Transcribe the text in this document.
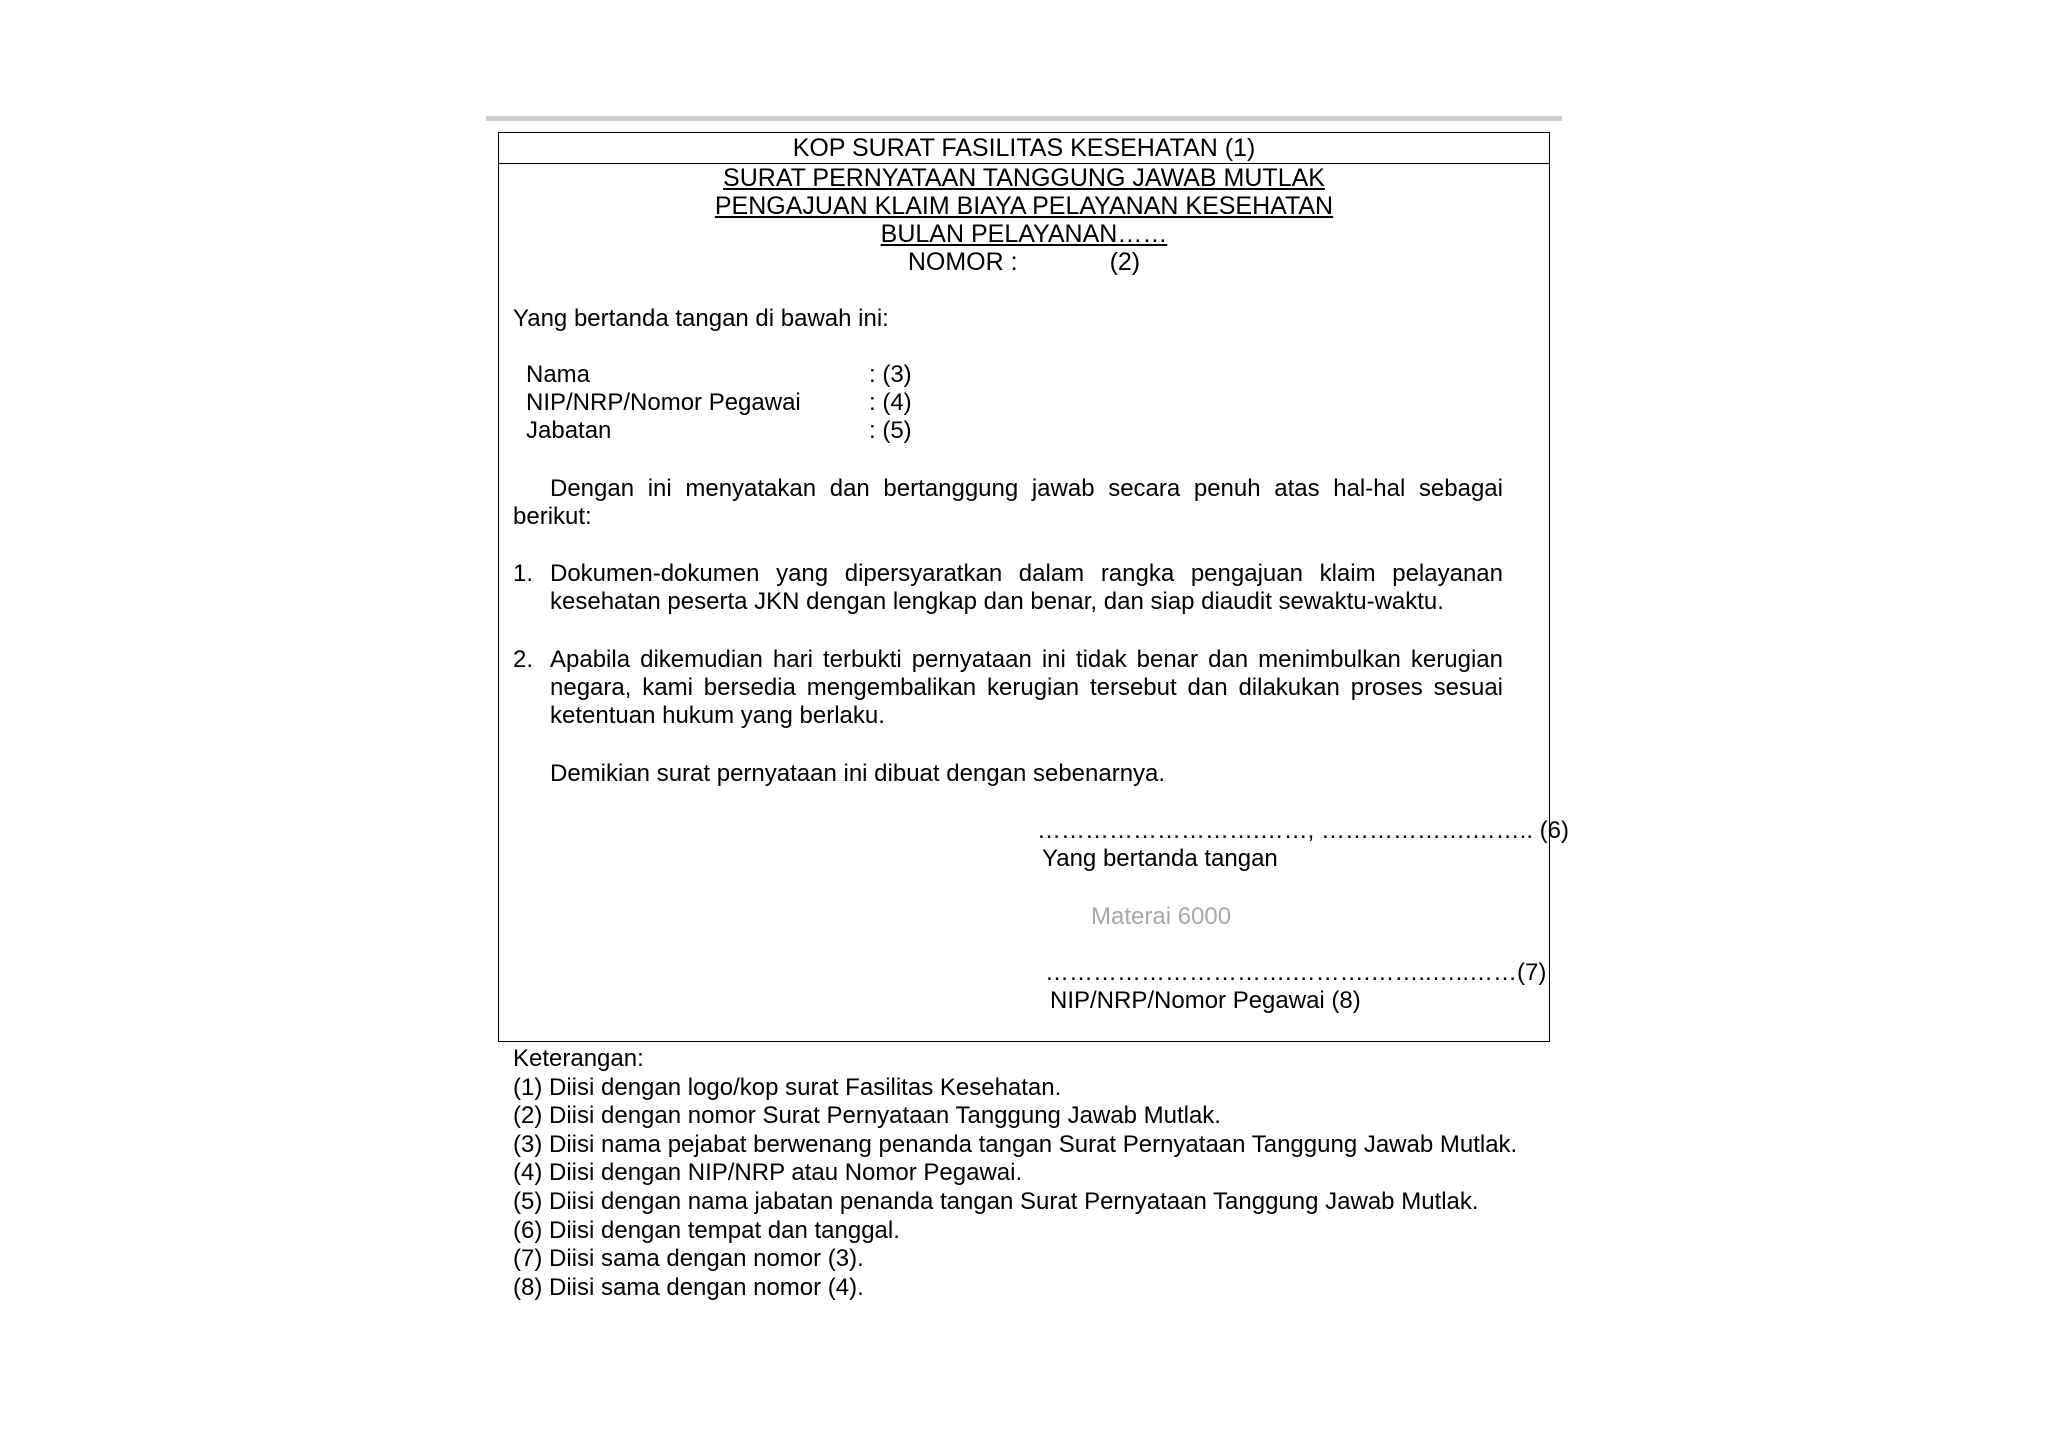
KOP SURAT FASILITAS KESEHATAN (1)
SURAT PERNYATAAN TANGGUNG JAWAB MUTLAK
PENGAJUAN KLAIM BIAYA PELAYANAN KESEHATAN
BULAN PELAYANAN……
NOMOR :	(2)
Yang bertanda tangan di bawah ini:
Nama	: (3)
NIP/NRP/Nomor Pegawai	: (4)
Jabatan	: (5)
Dengan ini menyatakan dan bertanggung jawab secara penuh atas hal-hal sebagai berikut:
1. Dokumen-dokumen yang dipersyaratkan dalam rangka pengajuan klaim pelayanan kesehatan peserta JKN dengan lengkap dan benar, dan siap diaudit sewaktu-waktu.
2. Apabila dikemudian hari terbukti pernyataan ini tidak benar dan menimbulkan kerugian negara, kami bersedia mengembalikan kerugian tersebut dan dilakukan proses sesuai ketentuan hukum yang berlaku.
Demikian surat pernyataan ini dibuat dengan sebenarnya.
……………………….……, ……………….…….. (6)
Yang bertanda tangan
Materai 6000
………………………….……….……..…..……(7)
NIP/NRP/Nomor Pegawai (8)
Keterangan:
(1) Diisi dengan logo/kop surat Fasilitas Kesehatan.
(2) Diisi dengan nomor Surat Pernyataan Tanggung Jawab Mutlak.
(3) Diisi nama pejabat berwenang penanda tangan Surat Pernyataan Tanggung Jawab Mutlak.
(4) Diisi dengan NIP/NRP atau Nomor Pegawai.
(5) Diisi dengan nama jabatan penanda tangan Surat Pernyataan Tanggung Jawab Mutlak.
(6) Diisi dengan tempat dan tanggal.
(7) Diisi sama dengan nomor (3).
(8) Diisi sama dengan nomor (4).
